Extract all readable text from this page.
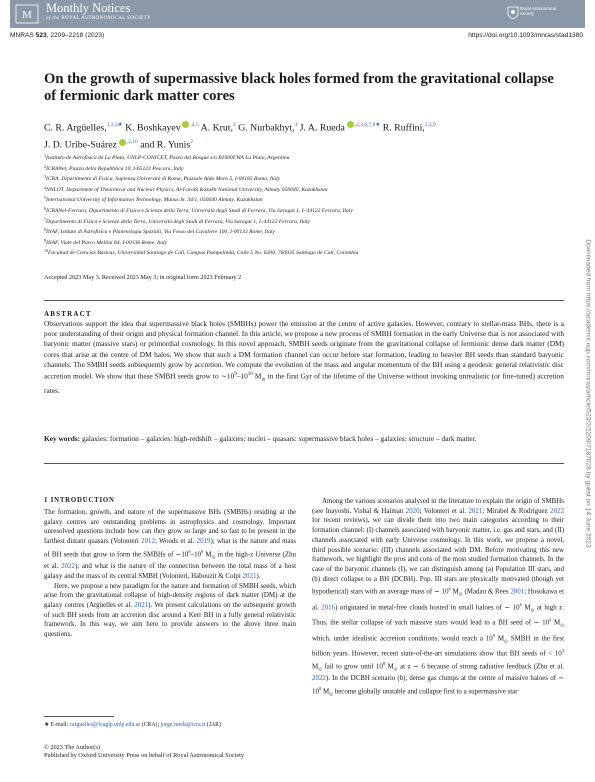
M Monthly Notices
of the ROYAL ASTRONOMICAL SOCIETY
Royal Astronomical Society
MNRAS 523, 2209–2218 (2023)	https://doi.org/10.1093/mnras/stad1380
On the growth of supermassive black holes formed from the gravitational collapse of fermionic dark matter cores
C. R. Argüelles,$^{1,2,3★}$ K. Boshkayev  $^{,4,5}$ A. Krut,$^2$ G. Nurbakhyt,$^4$ J. A. Rueda  $^{,2,3,6,7,8★}$ R. Ruffini,$^{2,3,9}$
J. D. Uribe-Suárez  $^{,2,10}$ and R. Yunis$^2$
$^1$Instituto de Astrofísica de La Plata, UNLP-CONICET, Paseo del Bosque s/n B1900FWA La Plata, Argentina
$^2$ICRANet, Piazza della Repubblica 10, I-65122 Pescara, Italy
$^3$ICRA, Dipartimento di Fisica, Sapienza Università di Roma, Piazzale Aldo Moro 5, I-00185 Roma, Italy
$^4$NNLOT, Department of Theoretical and Nuclear Physics, Al-Farabi Kazakh National University, Almaty 050040, Kazakhstan
$^5$International University of Information Technology, Manas St. 34/1, 050040 Almaty, Kazakhstan
$^6$ICRANet-Ferrara, Dipartimento di Fisica e Scienze della Terra, Università degli Studi di Ferrara, Via Saragat 1, I–44122 Ferrara, Italy
$^7$Dipartimento di Fisica e Scienze della Terra, Università degli Studi di Ferrara, Via Saragat 1, I–44122 Ferrara, Italy
$^8$INAF, Istituto di Astrofisica e Planetologia Spaziali, Via Fosso del Cavaliere 100, I-00133 Rome, Italy
$^9$INAF, Viale del Parco Mellini 84, I-00136 Rome, Italy
$^{10}$Facultad de Ciencias Básicas, Universidad Santiago de Cali, Campus Pampalinda, Calle 5 No. 6200, 760035 Santiago de Cali, Colombia
Accepted 2023 May 3. Received 2023 May 3; in original form 2023 February 2
ABSTRACT

Observations support the idea that supermassive black holes (SMBHs) power the emission at the centre of active galaxies. However, contrary to stellar-mass BHs, there is a poor understanding of their origin and physical formation channel. In this article, we propose a new process of SMBH formation in the early Universe that is not associated with baryonic matter (massive stars) or primordial cosmology. In this novel approach, SMBH seeds originate from the gravitational collapse of fermionic dense dark matter (DM) cores that arise at the centre of DM halos. We show that such a DM formation channel can occur before star formation, leading to heavier BH seeds than standard baryonic channels. The SMBH seeds subsequently grow by accretion. We compute the evolution of the mass and angular momentum of the BH using a geodesic general relativistic disc accretion model. We show that these SMBH seeds grow to $\sim 10^9-10^{10}$ $M_⊙$ in the first Gyr of the lifetime of the Universe without invoking unrealistic (or fine-tuned) accretion rates.

Key words: galaxies: formation – galaxies: high-redshift – galaxies: nuclei – quasars: supermassive black holes – galaxies: structure – dark matter.
1 INTRODUCTION

The formation, growth, and nature of the supermassive BHs (SMBHs) residing at the galaxy centres are outstanding problems in astrophysics and cosmology. Important unresolved questions include how can they grow so large and so fast to be present in the farthest distant quasars (Volonteri 2012; Woods et al. 2019); what is the nature and mass of BH seeds that grow to form the SMBHs of $\sim 10^8-10^9$ $M_⊙$ in the high-z Universe (Zhu et al. 2022); and what is the nature of the connection between the total mass of a host galaxy and the mass of its central SMBH (Volonteri, Habouzit & Colpi 2021).

Here, we propose a new paradigm for the nature and formation of SMBH seeds, which arise from the gravitational collapse of high-density regions of dark matter (DM) at the galaxy centres (Argüelles et al. 2021). We present calculations on the subsequent growth of such BH seeds from an accretion disc around a Kerr BH in a fully general relativistic framework. In this way, we aim here to provide answers to the above three main questions.

Among the various scenarios analysed in the literature to explain the origin of SMBHs (see Inayoshi, Visbal & Haiman 2020; Volonteri et al. 2021; Mirabel & Rodríguez 2022 for recent reviews), we can divide them into two main categories according to their formation channel: (I) channels associated with baryonic matter, i.e. gas and stars, and (II) channels associated with early Universe cosmology. In this work, we propose a novel, third possible scenario: (III) channels associated with DM. Before motivating this new framework, we highlight the pros and cons of the most studied formation channels. In the case of the baryonic channels (I), we can distinguish among (a) Population III stars, and (b) direct collapse to a BH (DCBH). Pop. III stars are physically motivated (though yet hypothetical) stars with an average mass of ∼ $10^2$ $M_⊙$ (Madau & Rees 2001; Hosokawa et al. 2016) originated in metal-free clouds hosted in small haloes of ∼ $10^6$ $M_⊙$ at high z. Thus, the stellar collapse of such massive stars would lead to a BH seed of ∼ $10^2$ $M_⊙$ which, under idealistic accretion conditions, would reach a $10^9$ $M_⊙$ SMBH in the first billion years. However, recent state-of-the-art simulations show that BH seeds of < $10^3$ $M_⊙$ fail to grow until $10^8$ $M_⊙$ at z ∼ 6 because of strong radiative feedback (Zhu et al. 2022). In the DCBH scenario (b), dense gas clumps at the centre of massive haloes of ∼ $10^8$ $M_⊙$ become globally unstable and collapse first to a supermassive star

★ E-mail: carguelles@fcaglp.unlp.edu.ar (CRA); jorge.rueda@icra.it (JAR)
© 2023 The Author(s)
Published by Oxford University Press on behalf of Royal Astronomical Society
Downloaded from https://academic.oup.com/mnras/article/523/2/2209/7187028 by guest on 14 June 2023
